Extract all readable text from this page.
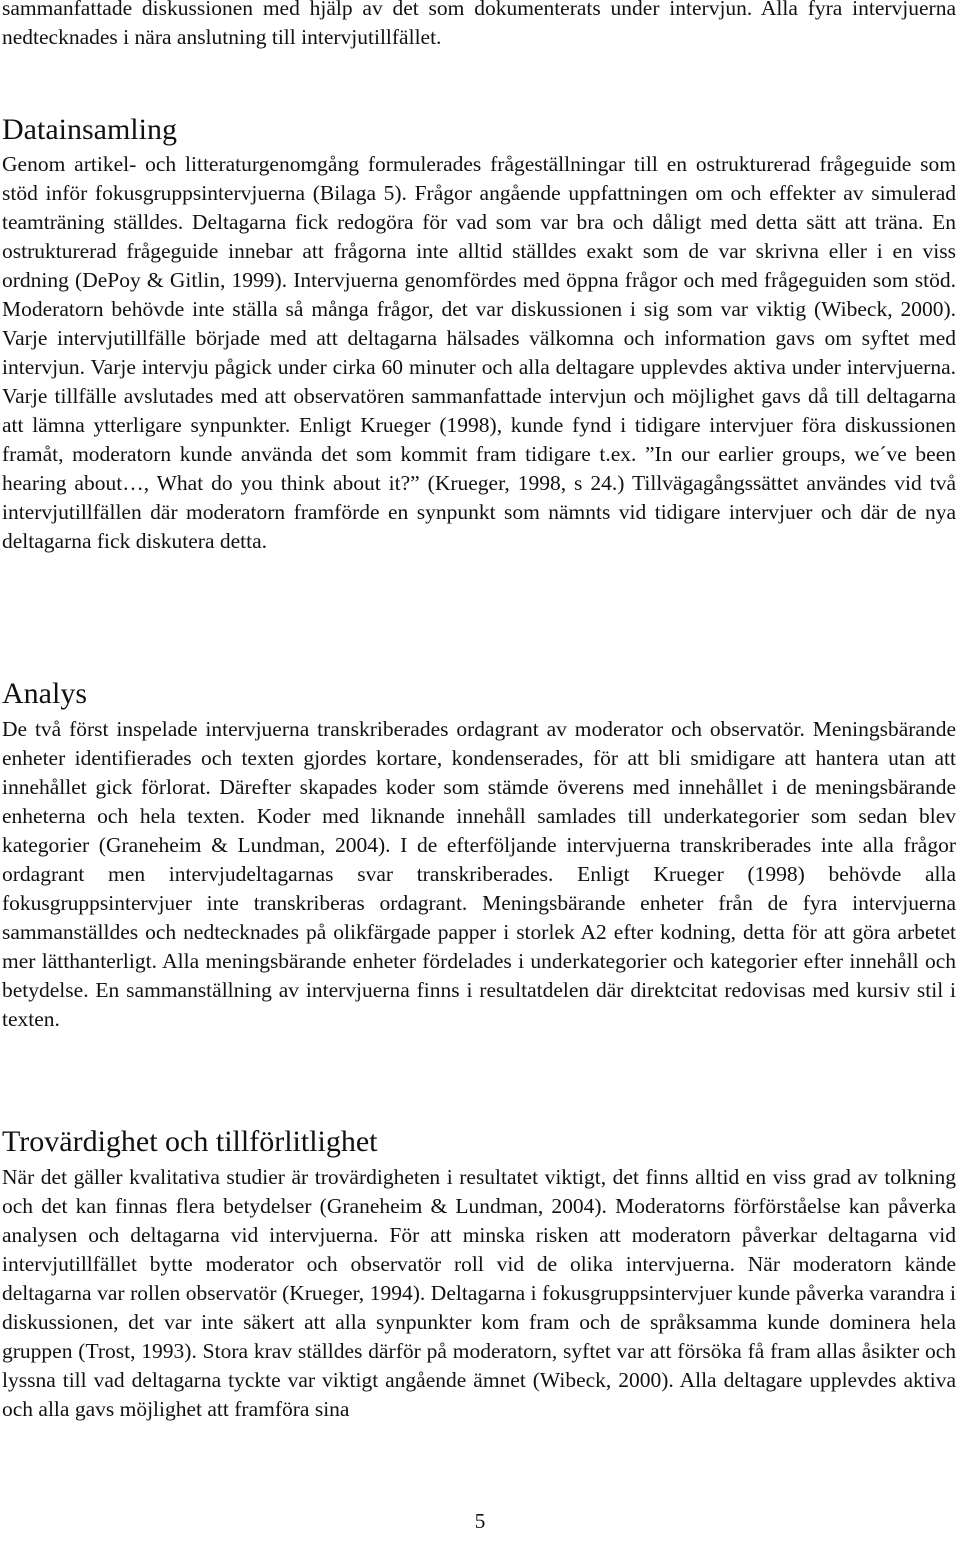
sammanfattade diskussionen med hjälp av det som dokumenterats under intervjun. Alla fyra intervjuerna nedtecknades i nära anslutning till intervjutillfället.

Datainsamling

Genom artikel- och litteraturgenomgång formulerades frågeställningar till en ostrukturerad frågeguide som stöd inför fokusgruppsintervjuerna (Bilaga 5). Frågor angående uppfattningen om och effekter av simulerad teamträning ställdes. Deltagarna fick redogöra för vad som var bra och dåligt med detta sätt att träna. En ostrukturerad frågeguide innebar att frågorna inte alltid ställdes exakt som de var skrivna eller i en viss ordning (DePoy & Gitlin, 1999). Intervjuerna genomfördes med öppna frågor och med frågeguiden som stöd. Moderatorn behövde inte ställa så många frågor, det var diskussionen i sig som var viktig (Wibeck, 2000). Varje intervjutillfälle började med att deltagarna hälsades välkomna och information gavs om syftet med intervjun. Varje intervju pågick under cirka 60 minuter och alla deltagare upplevdes aktiva under intervjuerna. Varje tillfälle avslutades med att observatören sammanfattade intervjun och möjlighet gavs då till deltagarna att lämna ytterligare synpunkter. Enligt Krueger (1998), kunde fynd i tidigare intervjuer föra diskussionen framåt, moderatorn kunde använda det som kommit fram tidigare t.ex. ”In our earlier groups, we´ve been hearing about…, What do you think about it?” (Krueger, 1998, s 24.) Tillvägagångssättet användes vid två intervjutillfällen där moderatorn framförde en synpunkt som nämnts vid tidigare intervjuer och där de nya deltagarna fick diskutera detta.

Analys

De två först inspelade intervjuerna transkriberades ordagrant av moderator och observatör. Meningsbärande enheter identifierades och texten gjordes kortare, kondenserades, för att bli smidigare att hantera utan att innehållet gick förlorat. Därefter skapades koder som stämde överens med innehållet i de meningsbärande enheterna och hela texten. Koder med liknande innehåll samlades till underkategorier som sedan blev kategorier (Graneheim & Lundman, 2004). I de efterföljande intervjuerna transkriberades inte alla frågor ordagrant men intervjudeltagarnas svar transkriberades. Enligt Krueger (1998) behövde alla fokusgruppsintervjuer inte transkriberas ordagrant. Meningsbärande enheter från de fyra intervjuerna sammanställdes och nedtecknades på olikfärgade papper i storlek A2 efter kodning, detta för att göra arbetet mer lätthanterligt. Alla meningsbärande enheter fördelades i underkategorier och kategorier efter innehåll och betydelse. En sammanställning av intervjuerna finns i resultatdelen där direktcitat redovisas med kursiv stil i texten.

Trovärdighet och tillförlitlighet

När det gäller kvalitativa studier är trovärdigheten i resultatet viktigt, det finns alltid en viss grad av tolkning och det kan finnas flera betydelser (Graneheim & Lundman, 2004). Moderatorns förförståelse kan påverka analysen och deltagarna vid intervjuerna. För att minska risken att moderatorn påverkar deltagarna vid intervjutillfället bytte moderator och observatör roll vid de olika intervjuerna. När moderatorn kände deltagarna var rollen observatör (Krueger, 1994). Deltagarna i fokusgruppsintervjuer kunde påverka varandra i diskussionen, det var inte säkert att alla synpunkter kom fram och de språksamma kunde dominera hela gruppen (Trost, 1993). Stora krav ställdes därför på moderatorn, syftet var att försöka få fram allas åsikter och lyssna till vad deltagarna tyckte var viktigt angående ämnet (Wibeck, 2000). Alla deltagare upplevdes aktiva och alla gavs möjlighet att framföra sina

5
